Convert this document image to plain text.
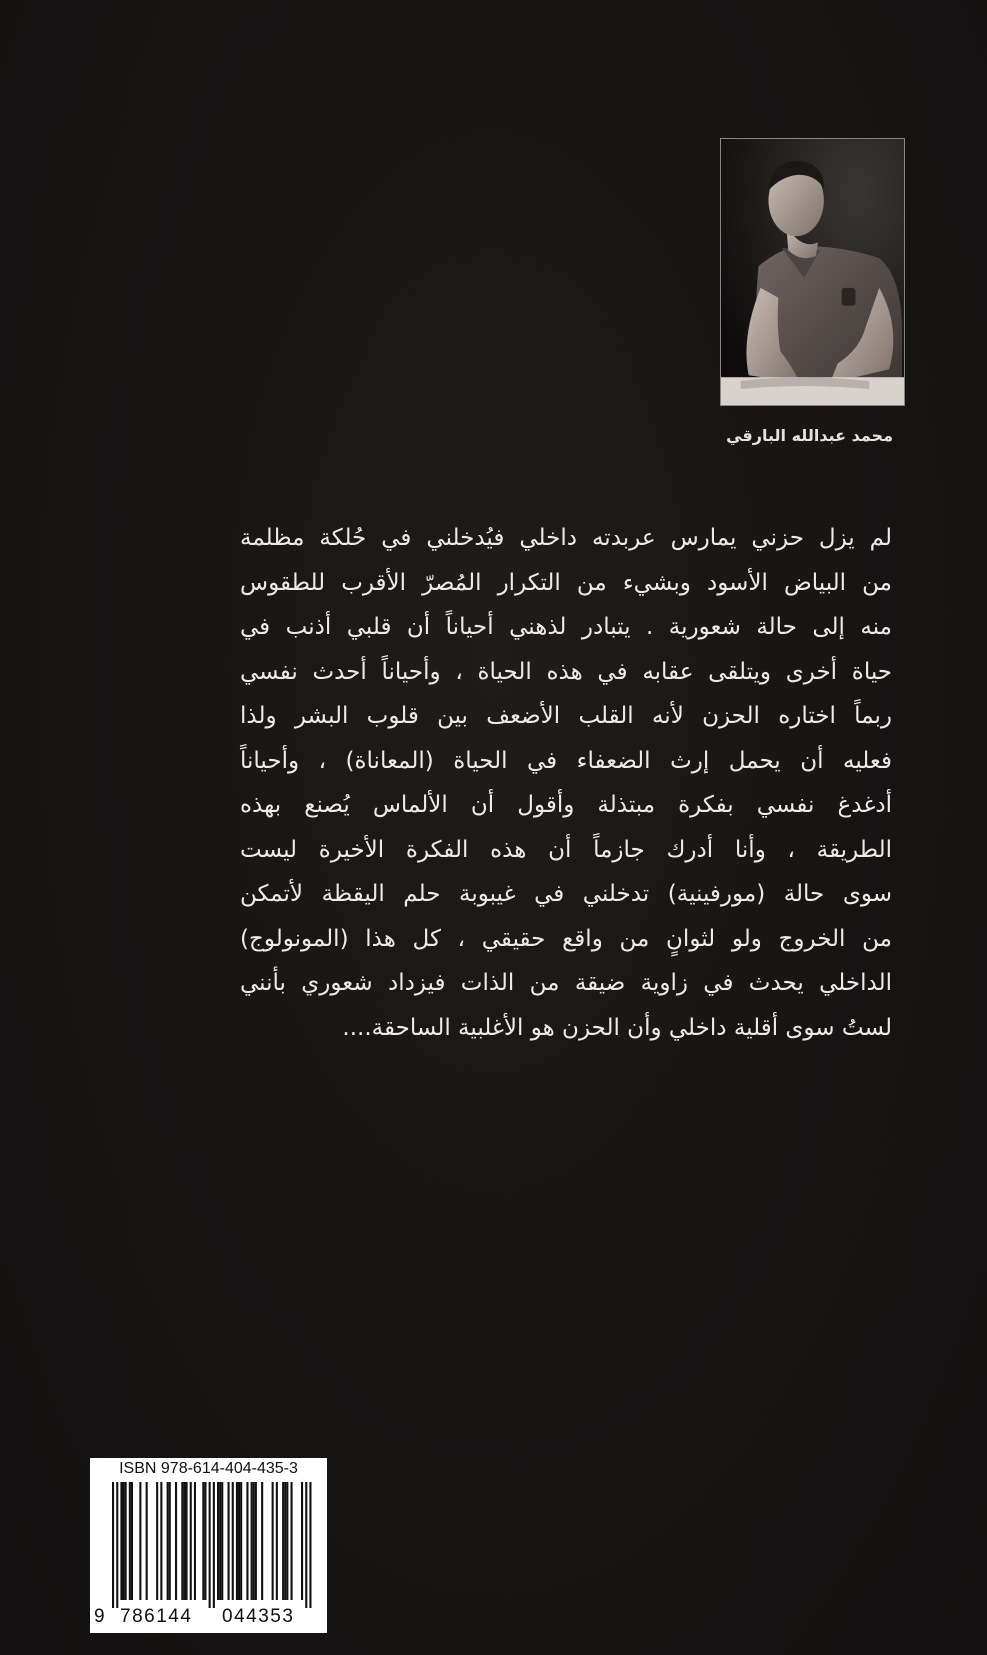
محمد عبدالله البارقي
لم يزل حزني يمارس عربدته داخلي فيُدخلني في حُلكة مظلمة
من البياض الأسود وبشيء من التكرار المُصرّ الأقرب للطقوس
منه إلى حالة شعورية . يتبادر لذهني أحياناً أن قلبي أذنب في
حياة أخرى ويتلقى عقابه في هذه الحياة ، وأحياناً أحدث نفسي
ربماً اختاره الحزن لأنه القلب الأضعف بين قلوب البشر ولذا
فعليه أن يحمل إرث الضعفاء في الحياة (المعاناة) ، وأحياناً
أدغدغ نفسي بفكرة مبتذلة وأقول أن الألماس يُصنع بهذه
الطريقة ، وأنا أدرك جازماً أن هذه الفكرة الأخيرة ليست
سوى حالة (مورفينية) تدخلني في غيبوبة حلم اليقظة لأتمكن
من الخروج ولو لثوانٍ من واقع حقيقي ، كل هذا (المونولوج)
الداخلي يحدث في زاوية ضيقة من الذات فيزداد شعوري بأنني
لستُ سوى أقلية داخلي وأن الحزن هو الأغلبية الساحقة....
ISBN 978-614-404-435-3
9 786144 044353
